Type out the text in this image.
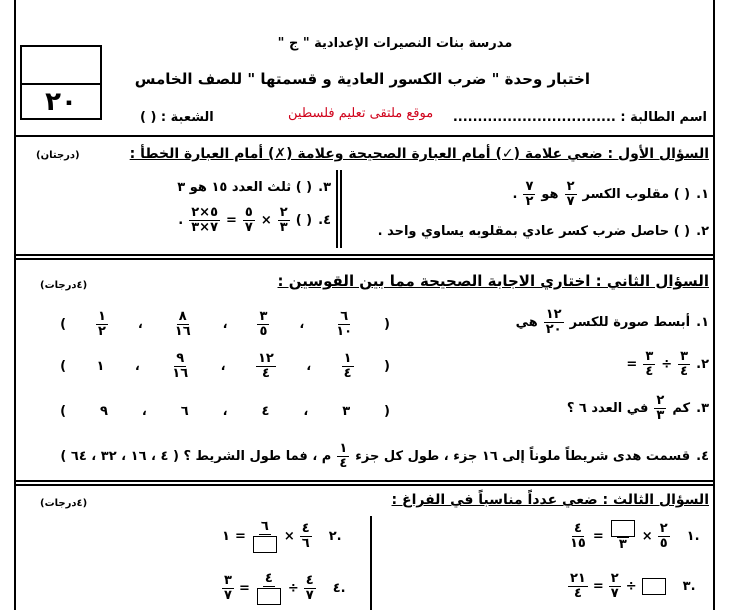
٢٠
مدرسة بنات النصيرات الإعدادية " ج "
اختبار وحدة " ضرب الكسور العادية و قسمتها " للصف الخامس
اسم الطالبة : .................................
موقع ملتقى تعليم فلسطين
الشعبة : ( )
السؤال الأول : ضعي علامة (✓) أمام العبارة الصحيحة وعلامة (✗) أمام العبارة الخطأ :
(درجتان)
١.
( ) مقلوب الكسر
$\frac{٢}{٧}$
هو
$\frac{٧}{٢}$
.
٢.
( ) حاصل ضرب كسر عادي بمقلوبه يساوي واحد .
٣.
( ) ثلث العدد ١٥ هو ٣
٤.
( )
$\frac{٢}{٣}$
×
$\frac{٥}{٧}$
=
$\frac{٥\times ٢}{٧\times ٣}$
.
السؤال الثاني : اختاري الاجابة الصحيحة مما بين القوسين :
(٤درجات)
١.
أبسط صورة للكسر
$\frac{١٢}{٢٠}$
هي
(
$\frac{٦}{١٠}$
،
$\frac{٣}{٥}$
،
$\frac{٨}{١٦}$
،
$\frac{١}{٢}$
)
٢.
$\frac{٣}{٤}$
÷
$\frac{٣}{٤}$
=
(
$\frac{١}{٤}$
،
$\frac{١٢}{٤}$
،
$\frac{٩}{١٦}$
،
١
)
٣.
كم
$\frac{٢}{٣}$
في العدد ٦ ؟
(
٣
،
٤
،
٦
،
٩
)
٤.
قسمت هدى شريطاً ملوناً إلى ١٦ جزء ، طول كل جزء
$\frac{١}{٤}$
م ، فما طول الشريط ؟ ( ٤ ، ١٦ ، ٣٢ ، ٦٤ )
السؤال الثالث : ضعي عدداً مناسباً في الفراغ :
(٤درجات)
$\frac{٤}{١٥}$ =
٣
× $\frac{٢}{٥}$ ١.
$\frac{٢١}{٤} = \frac{٢}{٧}$ ÷	٣.
١ =
٦
× $\frac{٤}{٦}$ ٢.
$\frac{٣}{٧}$ =
٤
÷ $\frac{٤}{٧}$ ٤.
